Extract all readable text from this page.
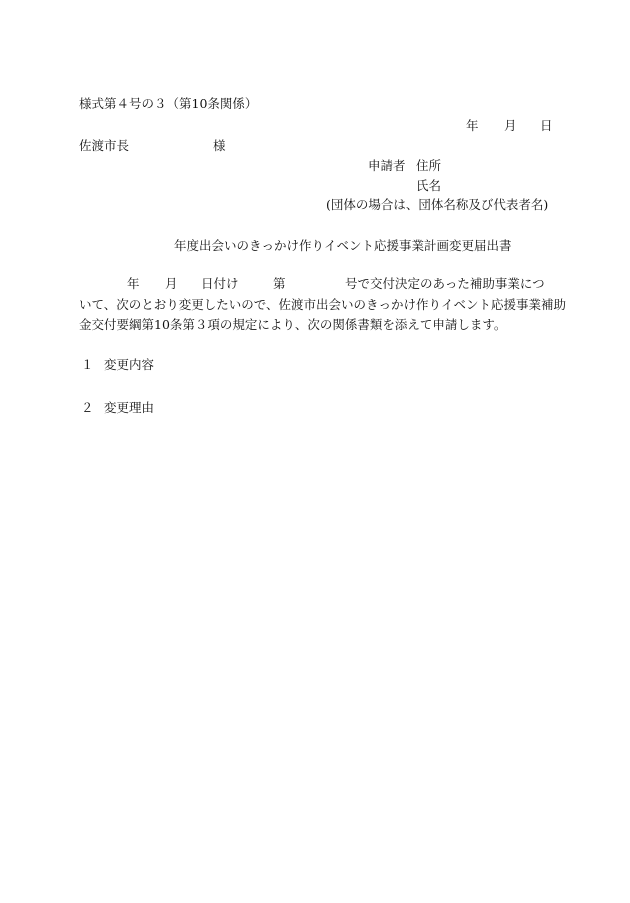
様式第４号の３（第10条関係）
年 月 日
佐渡市長	様
申請者 住所
氏名
(団体の場合は、団体名称及び代表者名)
年度出会いのきっかけ作りイベント応援事業計画変更届出書
年 月 日付け	第	号で交付決定のあった補助事業につ
いて、次のとおり変更したいので、佐渡市出会いのきっかけ作りイベント応援事業補助
金交付要綱第10条第３項の規定により、次の関係書類を添えて申請します。
１ 変更内容
２ 変更理由
